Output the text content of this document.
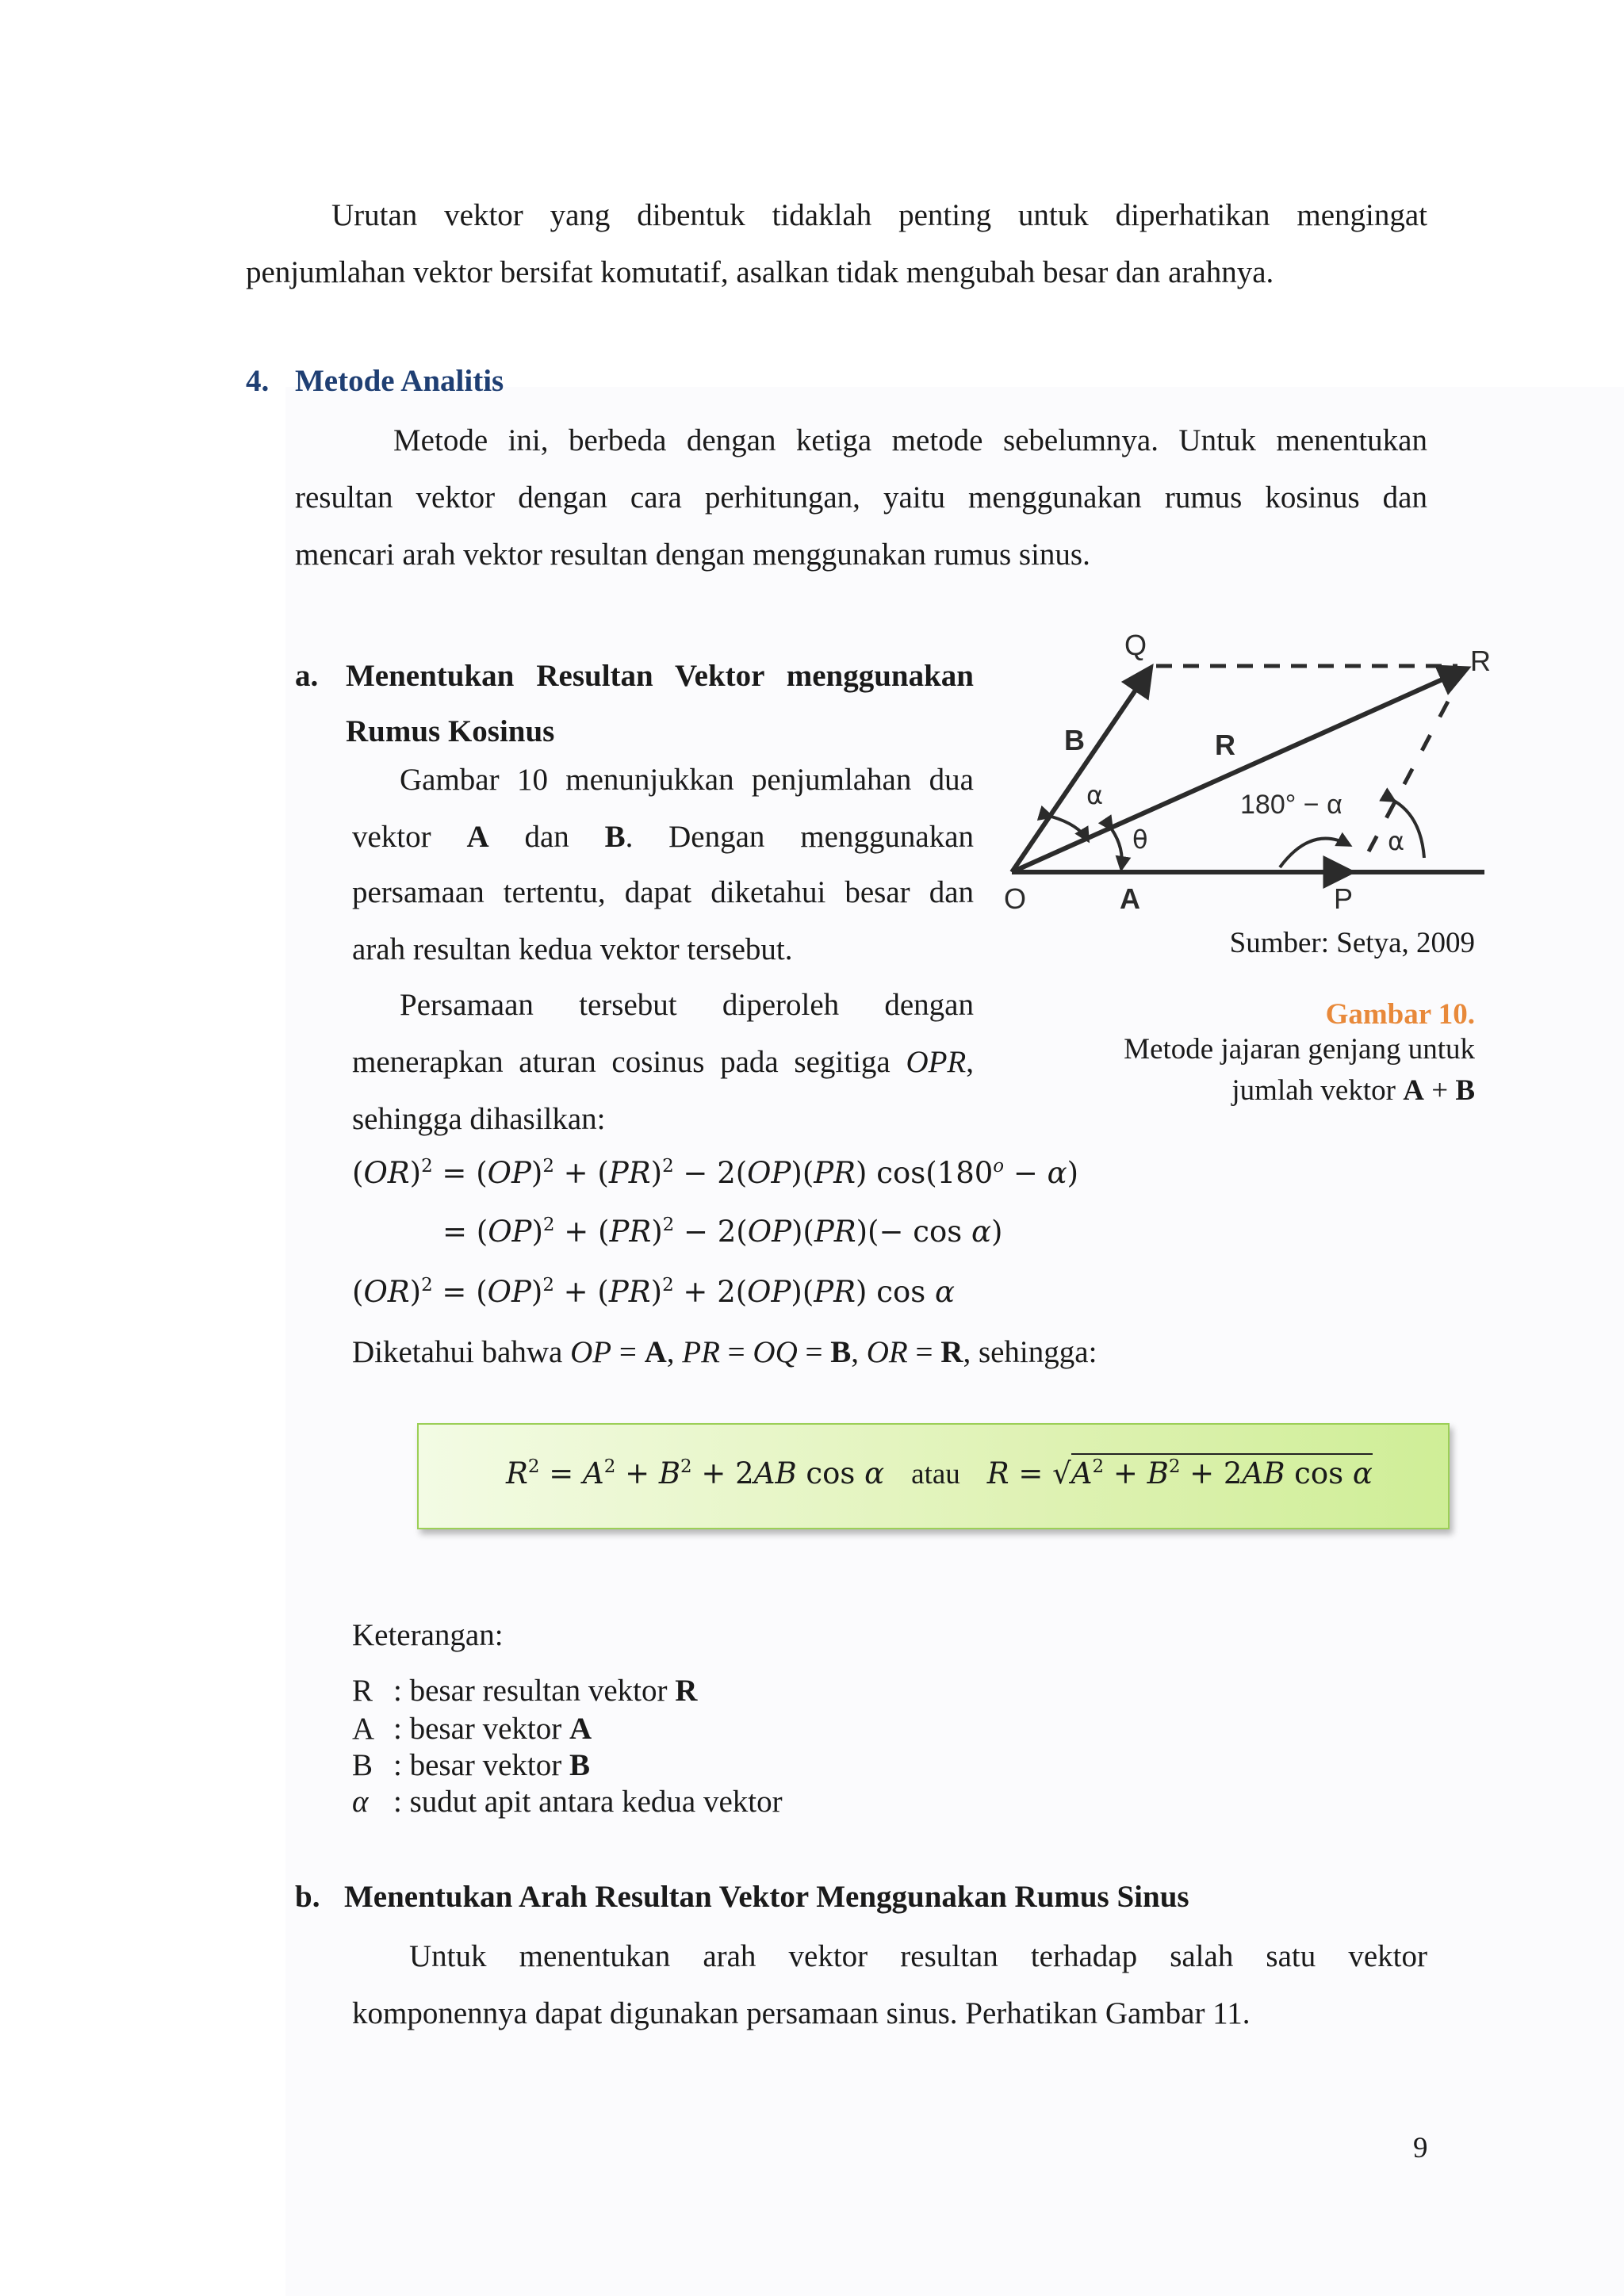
Urutan vektor yang dibentuk tidaklah penting untuk diperhatikan mengingat

penjumlahan vektor bersifat komutatif, asalkan tidak mengubah besar dan arahnya.

4. Metode Analitis

Metode ini, berbeda dengan ketiga metode sebelumnya. Untuk menentukan

resultan vektor dengan cara perhitungan, yaitu menggunakan rumus kosinus dan

mencari arah vektor resultan dengan menggunakan rumus sinus.

a. Menentukan Resultan Vektor menggunakan
Rumus Kosinus

Gambar 10 menunjukkan penjumlahan dua

vektor A dan B. Dengan menggunakan

persamaan tertentu, dapat diketahui besar dan

arah resultan kedua vektor tersebut.

Persamaan tersebut diperoleh dengan

menerapkan aturan cosinus pada segitiga OPR,

sehingga dihasilkan:

Q	R
B	R
α
θ
180° − α
α
O	A	P
Sumber: Setya, 2009
Gambar 10.
Metode jajaran genjang untuk
jumlah vektor A + B
(OR)$^2$ = (OP)$^2$ + (PR)$^2$ − 2(OP)(PR) $\cos(180^o - \alpha)$
= (OP)$^2$ + (PR)$^2$ − 2(OP)(PR)(− cos α)
(OR)$^2$ = (OP)$^2$ + (PR)$^2$ + 2(OP)(PR) cos α

Diketahui bahwa OP = A, PR = OQ = B, OR = R, sehingga:

$R^2 = A^2 + B^2 + 2AB$ cos α atau $R = √A^2 + B^2 + 2AB$ cos α
Keterangan:
R : besar resultan vektor R
A : besar vektor A
B : besar vektor B
α : sudut apit antara kedua vektor
b. Menentukan Arah Resultan Vektor Menggunakan Rumus Sinus

Untuk menentukan arah vektor resultan terhadap salah satu vektor

komponennya dapat digunakan persamaan sinus. Perhatikan Gambar 11.

9
